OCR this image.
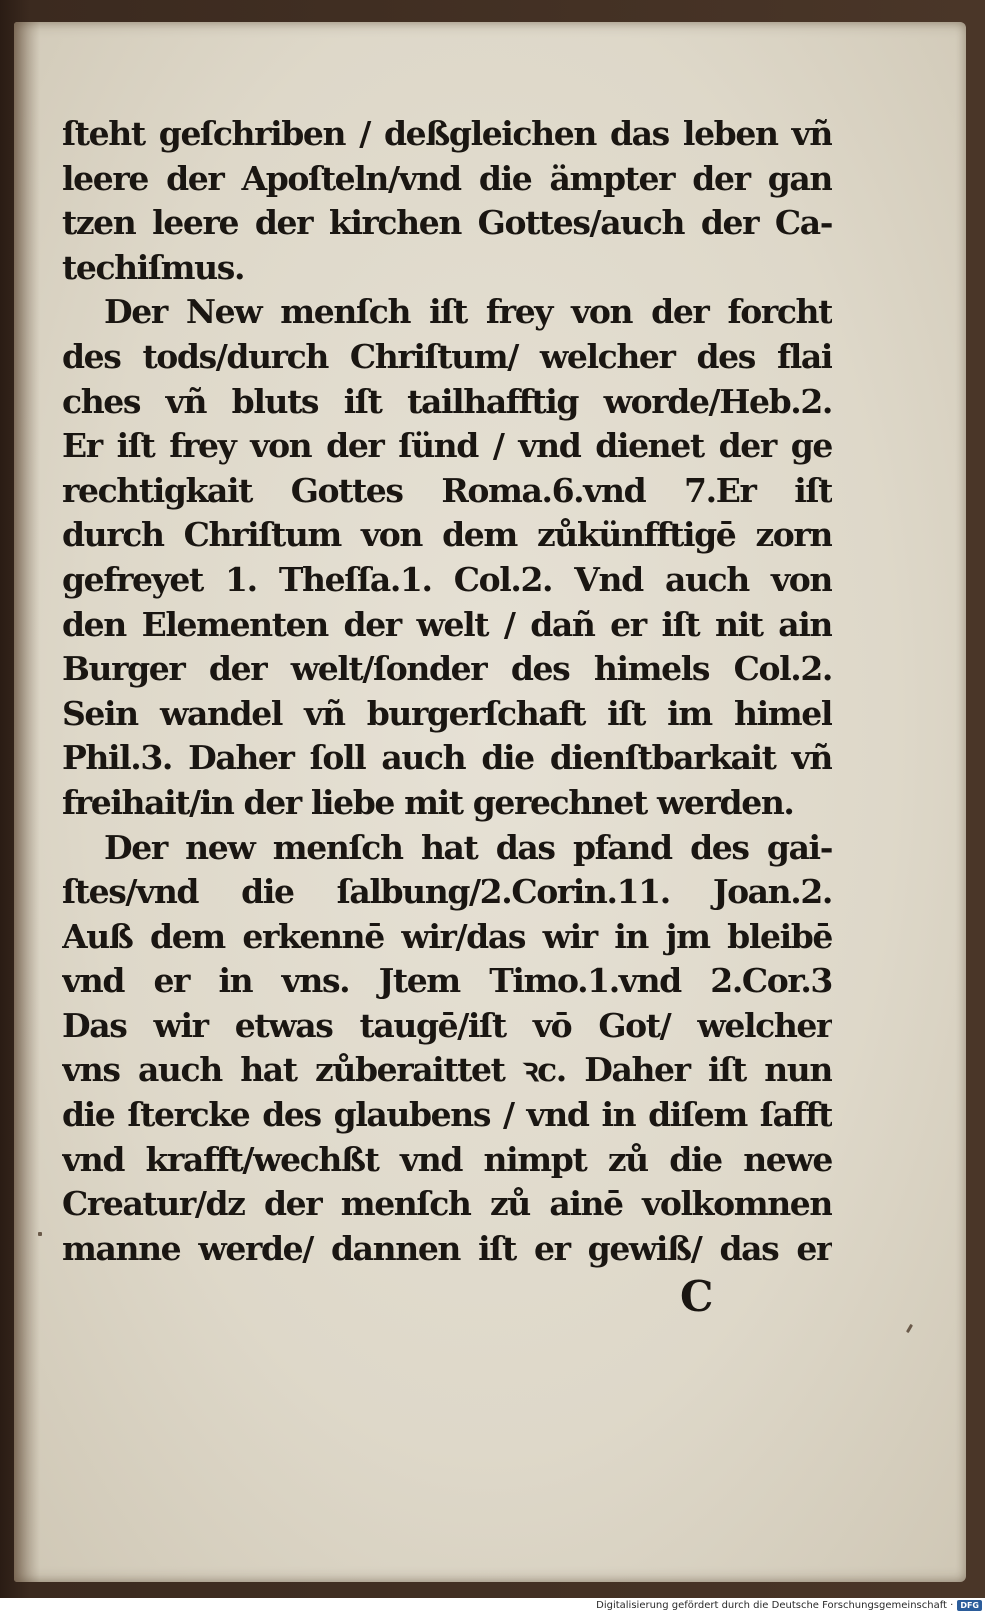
ſteht geſchriben / deßgleichen das leben vñ
leere der Apoſteln/vnd die ämpter der gan
tzen leere der kirchen Gottes/auch der Ca-
techiſmus.
Der New menſch iſt frey von der forcht
des tods/durch Chriſtum/ welcher des flai
ches vñ bluts iſt tailhafftig worde/Heb.2.
Er iſt frey von der ſünd / vnd dienet der ge
rechtigkait Gottes Roma.6.vnd 7.Er iſt
durch Chriſtum von dem zůkünfftigē zorn
gefreyet 1. Theſſa.1. Col.2. Vnd auch von
den Elementen der welt / dañ er iſt nit ain
Burger der welt/ſonder des himels Col.2.
Sein wandel vñ burgerſchaft iſt im himel
Phil.3. Daher ſoll auch die dienſtbarkait vñ
freihait/in der liebe mit gerechnet werden.
Der new menſch hat das pfand des gai-
ſtes/vnd die ſalbung/2.Corin.11. Joan.2.
Auß dem erkennē wir/das wir in jm bleibē
vnd er in vns. Jtem Timo.1.vnd 2.Cor.3
Das wir etwas taugē/iſt vō Got/ welcher
vns auch hat zůberaittet ꝛc. Daher iſt nun
die ſtercke des glaubens / vnd in diſem ſafft
vnd krafft/wechßt vnd nimpt zů die newe
Creatur/dz der menſch zů ainē volkomnen
manne werde/ dannen iſt er gewiß/ das er
C
Digitalisierung gefördert durch die Deutsche Forschungsgemeinschaft · DFG
